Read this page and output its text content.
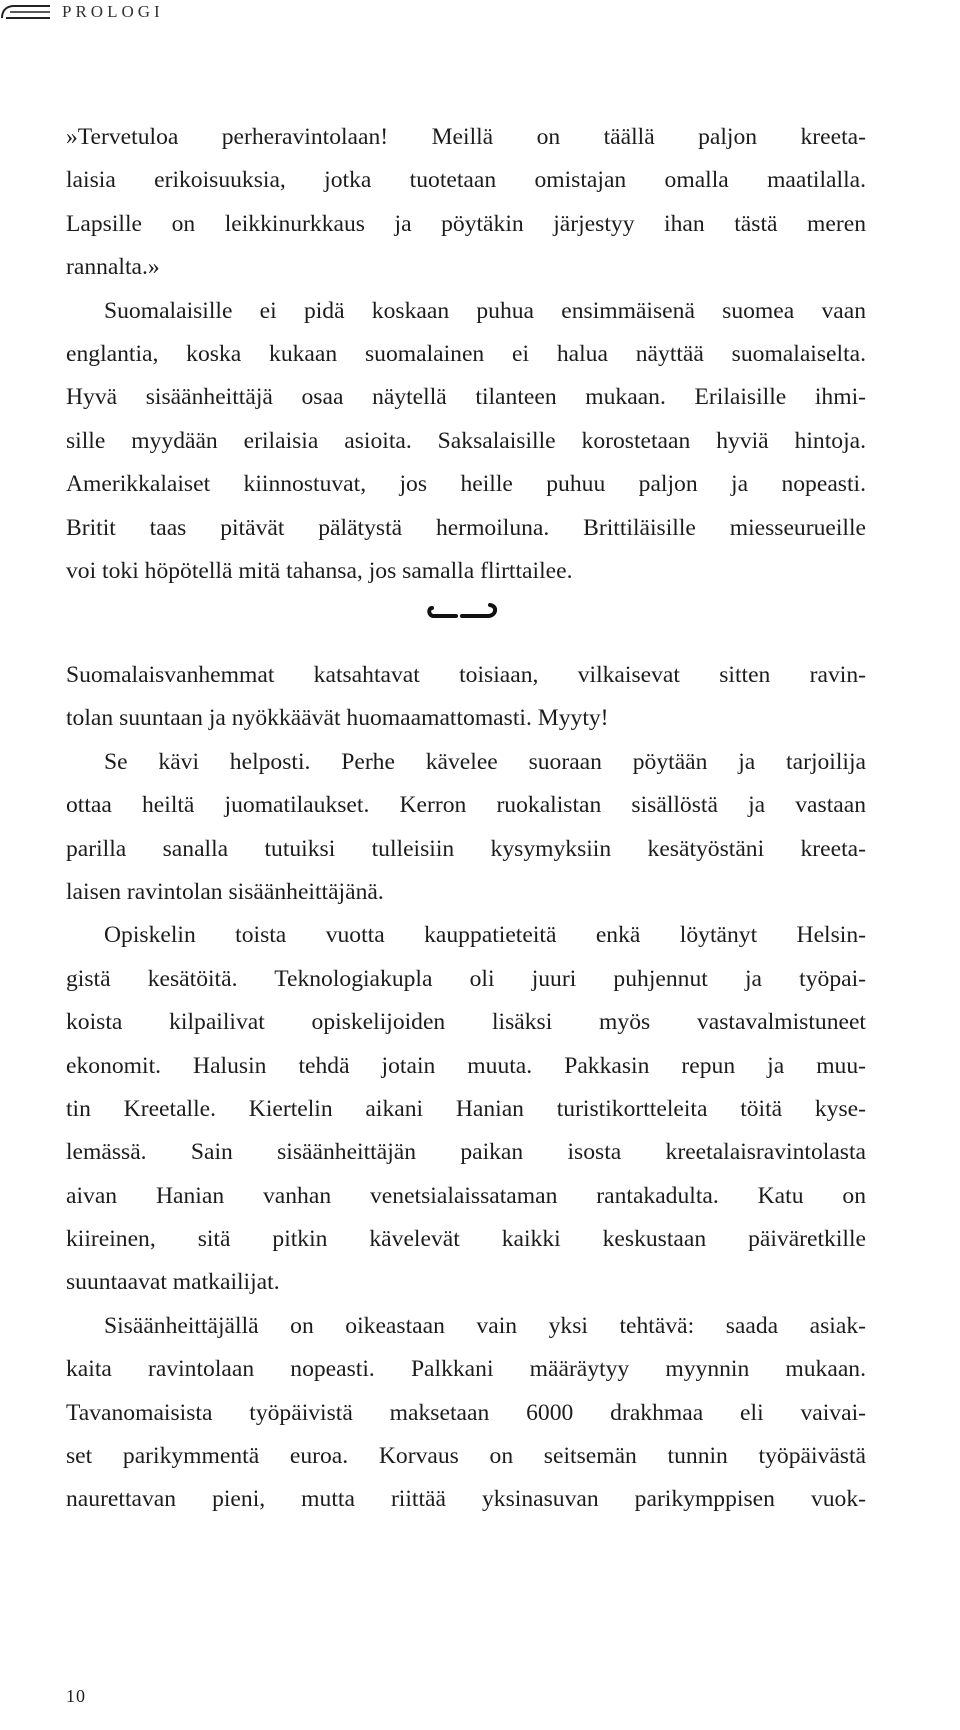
PROLOGI
»Tervetuloa perheravintolaan! Meillä on täällä paljon kreeta-
laisia erikoisuuksia, jotka tuotetaan omistajan omalla maatilalla.
Lapsille on leikkinurkkaus ja pöytäkin järjestyy ihan tästä meren
rannalta.»
Suomalaisille ei pidä koskaan puhua ensimmäisenä suomea vaan
englantia, koska kukaan suomalainen ei halua näyttää suomalaiselta.
Hyvä sisäänheittäjä osaa näytellä tilanteen mukaan. Erilaisille ihmi-
sille myydään erilaisia asioita. Saksalaisille korostetaan hyviä hintoja.
Amerikkalaiset kiinnostuvat, jos heille puhuu paljon ja nopeasti.
Britit taas pitävät pälätystä hermoiluna. Brittiläisille miesseurueille
voi toki höpötellä mitä tahansa, jos samalla flirttailee.
Suomalaisvanhemmat katsahtavat toisiaan, vilkaisevat sitten ravin-
tolan suuntaan ja nyökkäävät huomaamattomasti. Myyty!
Se kävi helposti. Perhe kävelee suoraan pöytään ja tarjoilija
ottaa heiltä juomatilaukset. Kerron ruokalistan sisällöstä ja vastaan
parilla sanalla tutuiksi tulleisiin kysymyksiin kesätyöstäni kreeta-
laisen ravintolan sisäänheittäjänä.
Opiskelin toista vuotta kauppatieteitä enkä löytänyt Helsin-
gistä kesätöitä. Teknologiakupla oli juuri puhjennut ja työpai-
koista kilpailivat opiskelijoiden lisäksi myös vastavalmistuneet
ekonomit. Halusin tehdä jotain muuta. Pakkasin repun ja muu-
tin Kreetalle. Kiertelin aikani Hanian turistikortteleita töitä kyse-
lemässä. Sain sisäänheittäjän paikan isosta kreetalaisravintolasta
aivan Hanian vanhan venetsialaissataman rantakadulta. Katu on
kiireinen, sitä pitkin kävelevät kaikki keskustaan päiväretkille
suuntaavat matkailijat.
Sisäänheittäjällä on oikeastaan vain yksi tehtävä: saada asiak-
kaita ravintolaan nopeasti. Palkkani määräytyy myynnin mukaan.
Tavanomaisista työpäivistä maksetaan 6000 drakhmaa eli vaivai-
set parikymmentä euroa. Korvaus on seitsemän tunnin työpäivästä
naurettavan pieni, mutta riittää yksinasuvan parikymppisen vuok-
10
